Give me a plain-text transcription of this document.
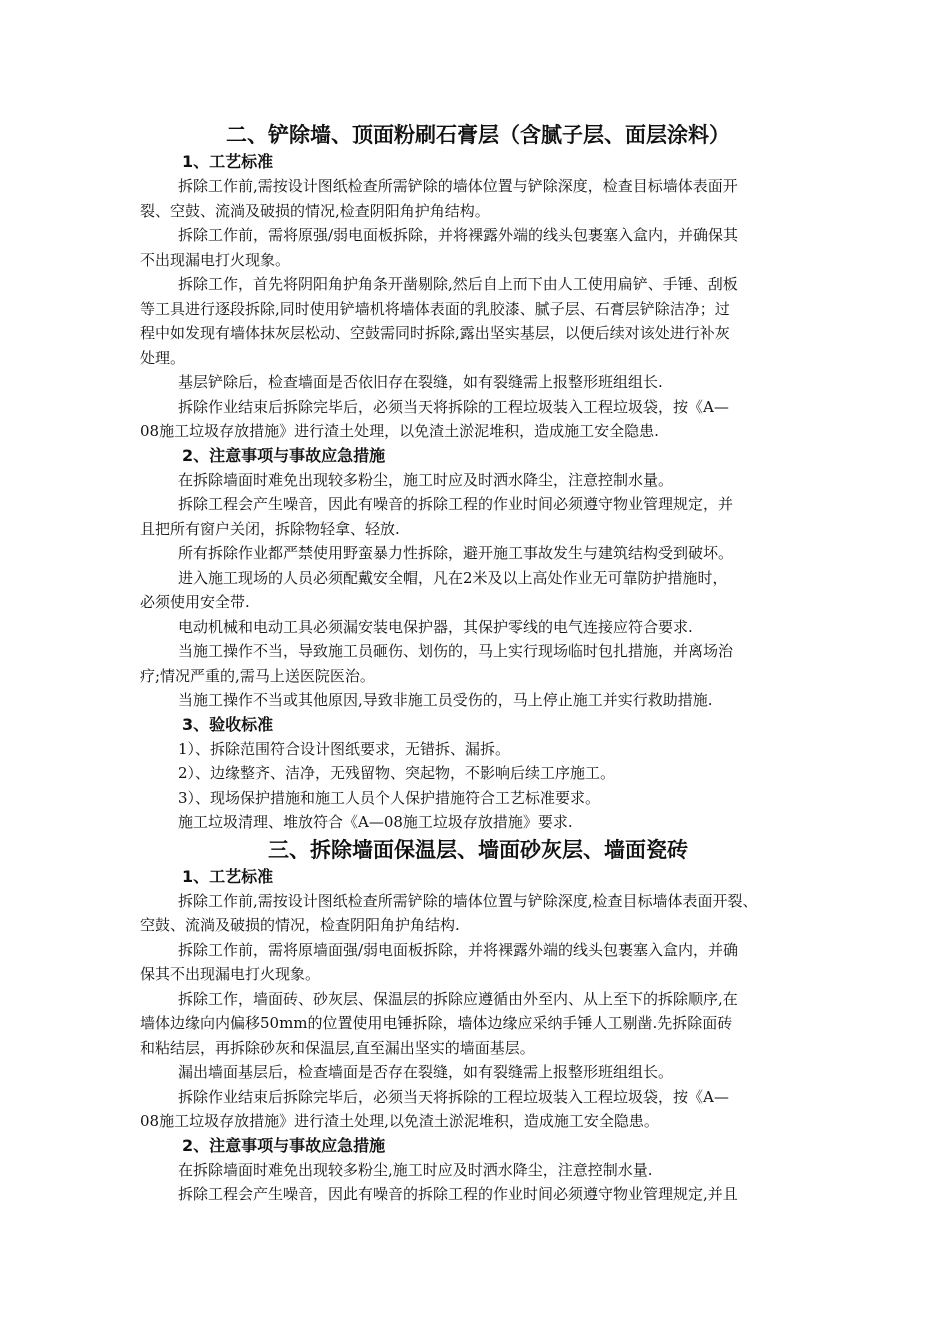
二、铲除墙、顶面粉刷石膏层（含腻子层、面层涂料）
1、工艺标准

拆除工作前,需按设计图纸检查所需铲除的墙体位置与铲除深度，检查目标墙体表面开
裂、空鼓、流淌及破损的情况,检查阴阳角护角结构。

拆除工作前，需将原强/弱电面板拆除，并将裸露外端的线头包裹塞入盒内，并确保其
不出现漏电打火现象。

拆除工作，首先将阴阳角护角条开凿剔除,然后自上而下由人工使用扁铲、手锤、刮板
等工具进行逐段拆除,同时使用铲墙机将墙体表面的乳胶漆、腻子层、石膏层铲除洁净；过
程中如发现有墙体抹灰层松动、空鼓需同时拆除,露出坚实基层，以便后续对该处进行补灰
处理。

基层铲除后，检查墙面是否依旧存在裂缝，如有裂缝需上报整形班组组长.

拆除作业结束后拆除完毕后，必须当天将拆除的工程垃圾装入工程垃圾袋，按《A—
08施工垃圾存放措施》进行渣土处理，以免渣土淤泥堆积，造成施工安全隐患.

2、注意事项与事故应急措施

在拆除墙面时难免出现较多粉尘，施工时应及时洒水降尘，注意控制水量。

拆除工程会产生噪音，因此有噪音的拆除工程的作业时间必须遵守物业管理规定，并
且把所有窗户关闭，拆除物轻拿、轻放.

所有拆除作业都严禁使用野蛮暴力性拆除，避开施工事故发生与建筑结构受到破坏。

进入施工现场的人员必须配戴安全帽，凡在2米及以上高处作业无可靠防护措施时，
必须使用安全带.

电动机械和电动工具必须漏安装电保护器，其保护零线的电气连接应符合要求.

当施工操作不当，导致施工员砸伤、划伤的，马上实行现场临时包扎措施，并离场治
疗;情况严重的,需马上送医院医治。

当施工操作不当或其他原因,导致非施工员受伤的，马上停止施工并实行救助措施.

3、验收标准

1）、拆除范围符合设计图纸要求，无错拆、漏拆。

2）、边缘整齐、洁净，无残留物、突起物，不影响后续工序施工。

3）、现场保护措施和施工人员个人保护措施符合工艺标准要求。

施工垃圾清理、堆放符合《A—08施工垃圾存放措施》要求.

三、拆除墙面保温层、墙面砂灰层、墙面瓷砖
1、工艺标准

拆除工作前,需按设计图纸检查所需铲除的墙体位置与铲除深度,检查目标墙体表面开裂、
空鼓、流淌及破损的情况，检查阴阳角护角结构.

拆除工作前，需将原墙面强/弱电面板拆除，并将裸露外端的线头包裹塞入盒内，并确
保其不出现漏电打火现象。

拆除工作，墙面砖、砂灰层、保温层的拆除应遵循由外至内、从上至下的拆除顺序,在
墙体边缘向内偏移50mm的位置使用电锤拆除，墙体边缘应采纳手锤人工剔凿.先拆除面砖
和粘结层，再拆除砂灰和保温层,直至漏出坚实的墙面基层。

漏出墙面基层后，检查墙面是否存在裂缝，如有裂缝需上报整形班组组长。

拆除作业结束后拆除完毕后，必须当天将拆除的工程垃圾装入工程垃圾袋，按《A—
08施工垃圾存放措施》进行渣土处理,以免渣土淤泥堆积，造成施工安全隐患。

2、注意事项与事故应急措施

在拆除墙面时难免出现较多粉尘,施工时应及时洒水降尘，注意控制水量.

拆除工程会产生噪音，因此有噪音的拆除工程的作业时间必须遵守物业管理规定,并且
